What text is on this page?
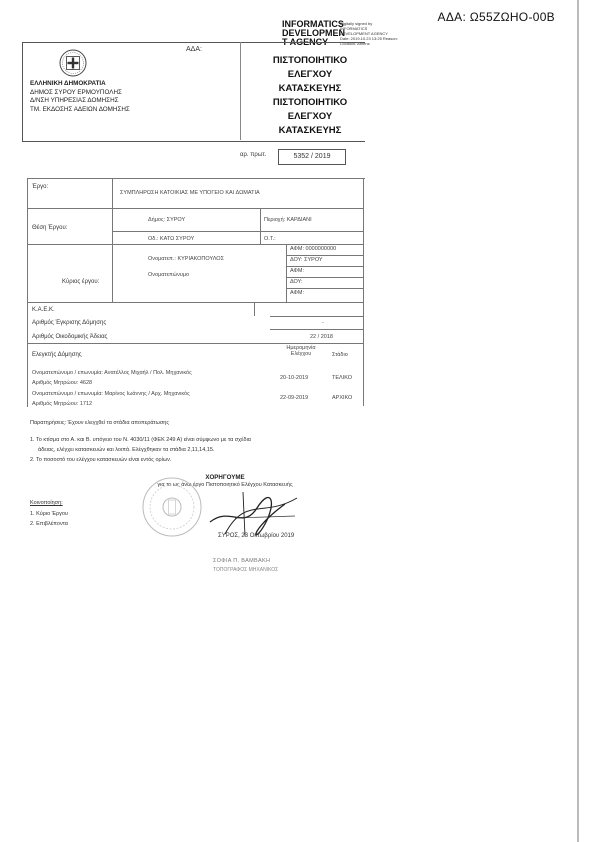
ΑΔΑ: Ω55ΖΩΗΟ-00Β
INFORMATICS
DEVELOPMEN
T AGENCY
Digitally signed by INFORMATICS DEVELOPMENT AGENCY Date: 2019.10.23 13:25 Reason: Location: Athens
ΑΔΑ:
ΕΛΛΗΝΙΚΗ ΔΗΜΟΚΡΑΤΙΑ
ΔΗΜΟΣ ΣΥΡΟΥ ΕΡΜΟΥΠΟΛΗΣ
Δ/ΝΣΗ ΥΠΗΡΕΣΙΑΣ ΔΟΜΗΣΗΣ
ΤΜ. ΕΚΔΟΣΗΣ ΑΔΕΙΩΝ ΔΟΜΗΣΗΣ
ΠΙΣΤΟΠΟΙΗΤΙΚΟ
ΕΛΕΓΧΟΥ
ΚΑΤΑΣΚΕΥΗΣ
ΠΙΣΤΟΠΟΙΗΤΙΚΟ
ΕΛΕΓΧΟΥ
ΚΑΤΑΣΚΕΥΗΣ
αρ. πρωτ.	5352 / 2019
Έργο:
ΣΥΜΠΛΗΡΩΣΗ ΚΑΤΟΙΚΙΑΣ ΜΕ ΥΠΟΓΕΙΟ ΚΑΙ ΔΩΜΑΤΙΑ
Θέση Έργου:
Δήμος: ΣΥΡΟΥ	Περιοχή: ΚΑΡΔΙΑΝΙ
Οδ.: ΚΑΤΩ ΣΥΡΟΥ	Ο.Τ.:
Κύριος έργου:
Ονοματεπ.: ΚΥΡΙΑΚΟΠΟΥΛΟΣ
Ονοματεπώνυμο
ΑΦΜ: 0000000000
ΔΟΥ: ΣΥΡΟΥ
ΑΦΜ:
ΔΟΥ:
ΑΦΜ:
Κ.Α.Ε.Κ.
Αριθμός Έγκρισης Δόμησης	-
Αριθμός Οικοδομικής Άδειας	22 / 2018
Ελεγκτής Δόμησης
Ημερομηνία Ελέγχου	Στάδιο
Ονοματεπώνυμο / επωνυμία: Ανατέλλος Μιχαήλ / Πολ. Μηχανικός
Αριθμός Μητρώου: 4628
20-10-2019	ΤΕΛΙΚΟ
Ονοματεπώνυμο / επωνυμία: Μαρίνος Ιωάννης / Αρχ. Μηχανικός
Αριθμός Μητρώου: 1712
22-09-2019	ΑΡΧΙΚΟ
Παρατηρήσεις: Έχουν ελεγχθεί τα στάδια αποπεράτωσης
1. Το κτίσμα στο Α. και Β. υπόγειο του Ν. 4030/11 (ΦΕΚ 249 Α) είναι σύμφωνο με τα σχέδια
άδειας, ελέγχει κατασκευών και λοιπά. Ελέγχθηκαν τα στάδια 2,11,14,15.
2. Το ποσοστό του ελέγχου κατασκευών είναι εντός ορίων.
ΧΟΡΗΓΟΥΜΕ
για το ως άνω έργο Πιστοποιητικό Ελέγχου Κατασκευής
Κοινοποίηση:
1. Κύριο Έργου
2. Επιβλέποντα
ΣΥΡΟΣ, 23 Οκτωβρίου 2019
ΣΟΦΙΑ Π. ΒΑΜΒΑΚΗ
ΤΟΠΟΓΡΑΦΟΣ ΜΗΧΑΝΙΚΟΣ
